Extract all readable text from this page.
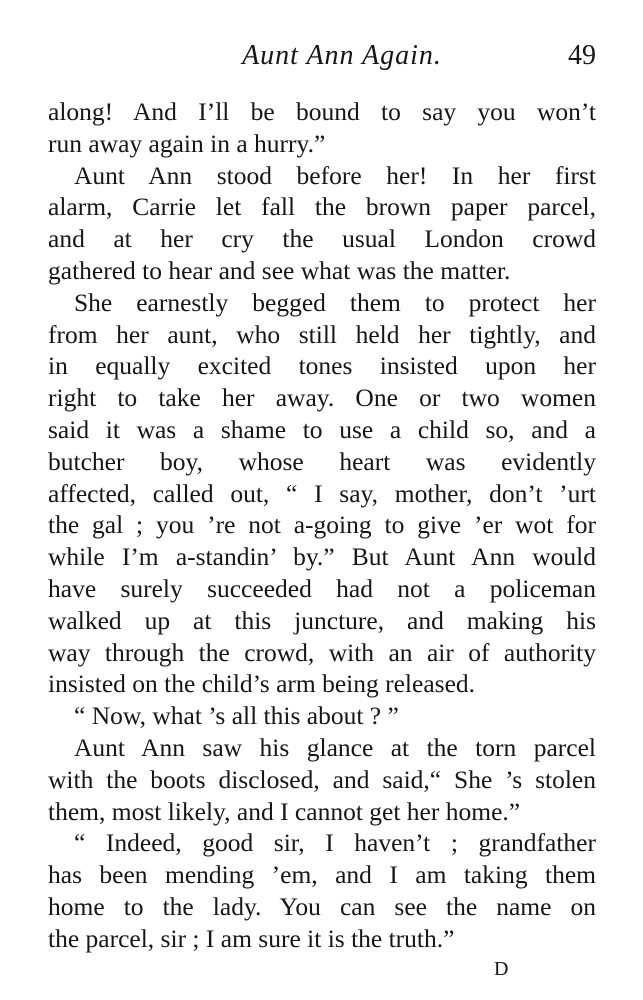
Aunt Ann Again.	49
along! And I’ll be bound to say you won’t
run away again in a hurry.”
Aunt Ann stood before her! In her first
alarm, Carrie let fall the brown paper parcel,
and at her cry the usual London crowd
gathered to hear and see what was the matter.
She earnestly begged them to protect her
from her aunt, who still held her tightly, and
in equally excited tones insisted upon her
right to take her away. One or two women
said it was a shame to use a child so, and a
butcher boy, whose heart was evidently
affected, called out, “ I say, mother, don’t ’urt
the gal ; you ’re not a-going to give ’er wot for
while I’m a-standin’ by.” But Aunt Ann would
have surely succeeded had not a policeman
walked up at this juncture, and making his
way through the crowd, with an air of authority
insisted on the child’s arm being released.
“ Now, what ’s all this about ? ”
Aunt Ann saw his glance at the torn parcel
with the boots disclosed, and said,“ She ’s stolen
them, most likely, and I cannot get her home.”
“ Indeed, good sir, I haven’t ; grandfather
has been mending ’em, and I am taking them
home to the lady. You can see the name on
the parcel, sir ; I am sure it is the truth.”
D
